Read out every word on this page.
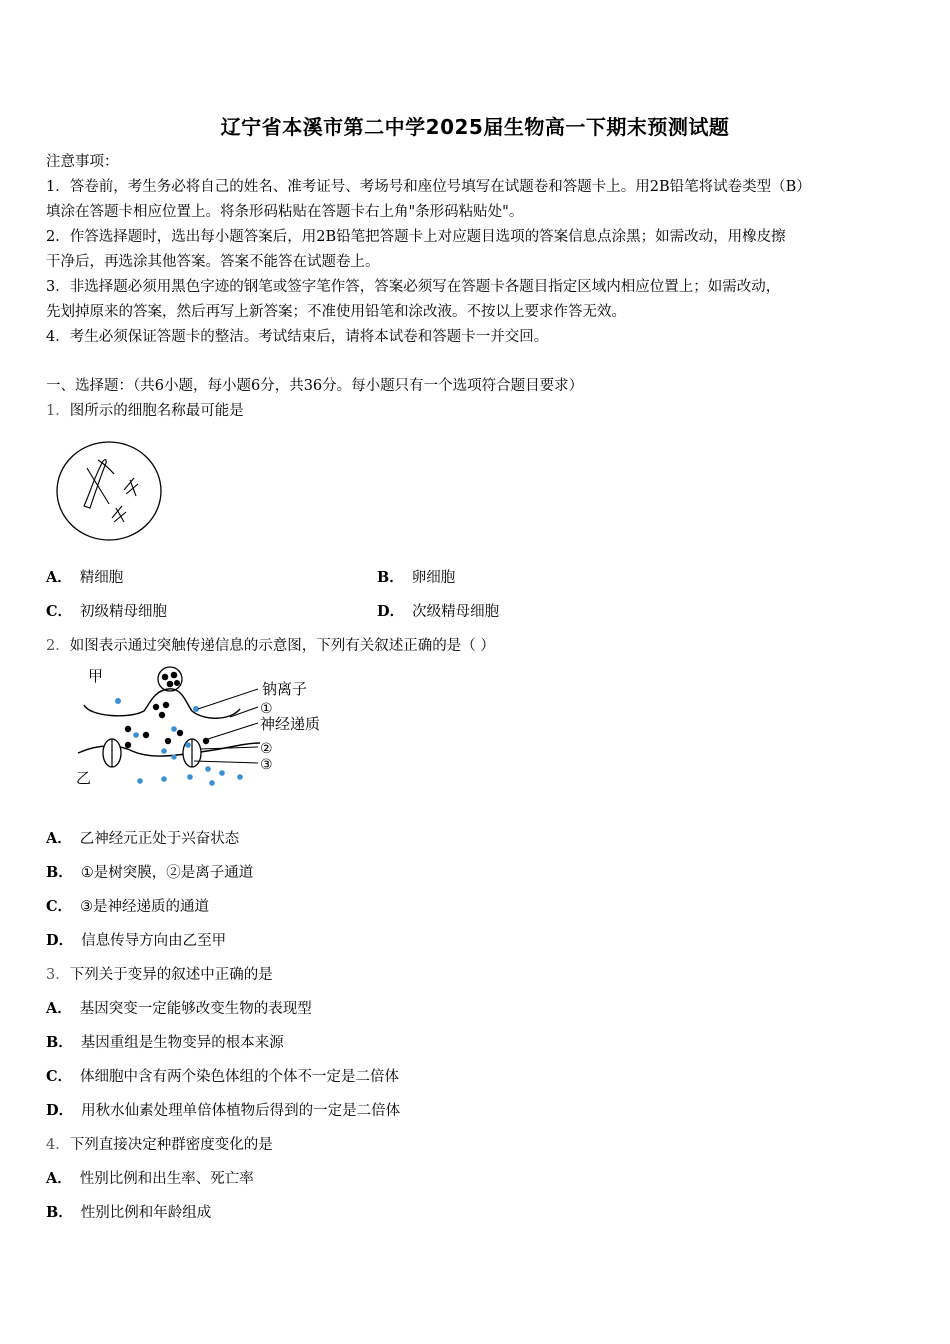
辽宁省本溪市第二中学2025届生物高一下期末预测试题
注意事项：
1．答卷前，考生务必将自己的姓名、准考证号、考场号和座位号填写在试题卷和答题卡上。用2B铅笔将试卷类型（B）
填涂在答题卡相应位置上。将条形码粘贴在答题卡右上角"条形码粘贴处"。
2．作答选择题时，选出每小题答案后，用2B铅笔把答题卡上对应题目选项的答案信息点涂黑；如需改动，用橡皮擦
干净后，再选涂其他答案。答案不能答在试题卷上。
3．非选择题必须用黑色字迹的钢笔或签字笔作答，答案必须写在答题卡各题目指定区域内相应位置上；如需改动，
先划掉原来的答案，然后再写上新答案；不准使用铅笔和涂改液。不按以上要求作答无效。
4．考生必须保证答题卡的整洁。考试结束后，请将本试卷和答题卡一并交回。
一、选择题：（共6小题，每小题6分，共36分。每小题只有一个选项符合题目要求）
1．图所示的细胞名称最可能是
A． 精细胞	B． 卵细胞
C． 初级精母细胞	D． 次级精母细胞
2．如图表示通过突触传递信息的示意图，下列有关叙述正确的是（ ）
甲
乙
钠离子
①
神经递质
②
③
A． 乙神经元正处于兴奋状态
B． ①是树突膜，②是离子通道
C． ③是神经递质的通道
D． 信息传导方向由乙至甲
3．下列关于变异的叙述中正确的是
A． 基因突变一定能够改变生物的表现型
B． 基因重组是生物变异的根本来源
C． 体细胞中含有两个染色体组的个体不一定是二倍体
D． 用秋水仙素处理单倍体植物后得到的一定是二倍体
4．下列直接决定种群密度变化的是
A． 性别比例和出生率、死亡率
B． 性别比例和年龄组成
